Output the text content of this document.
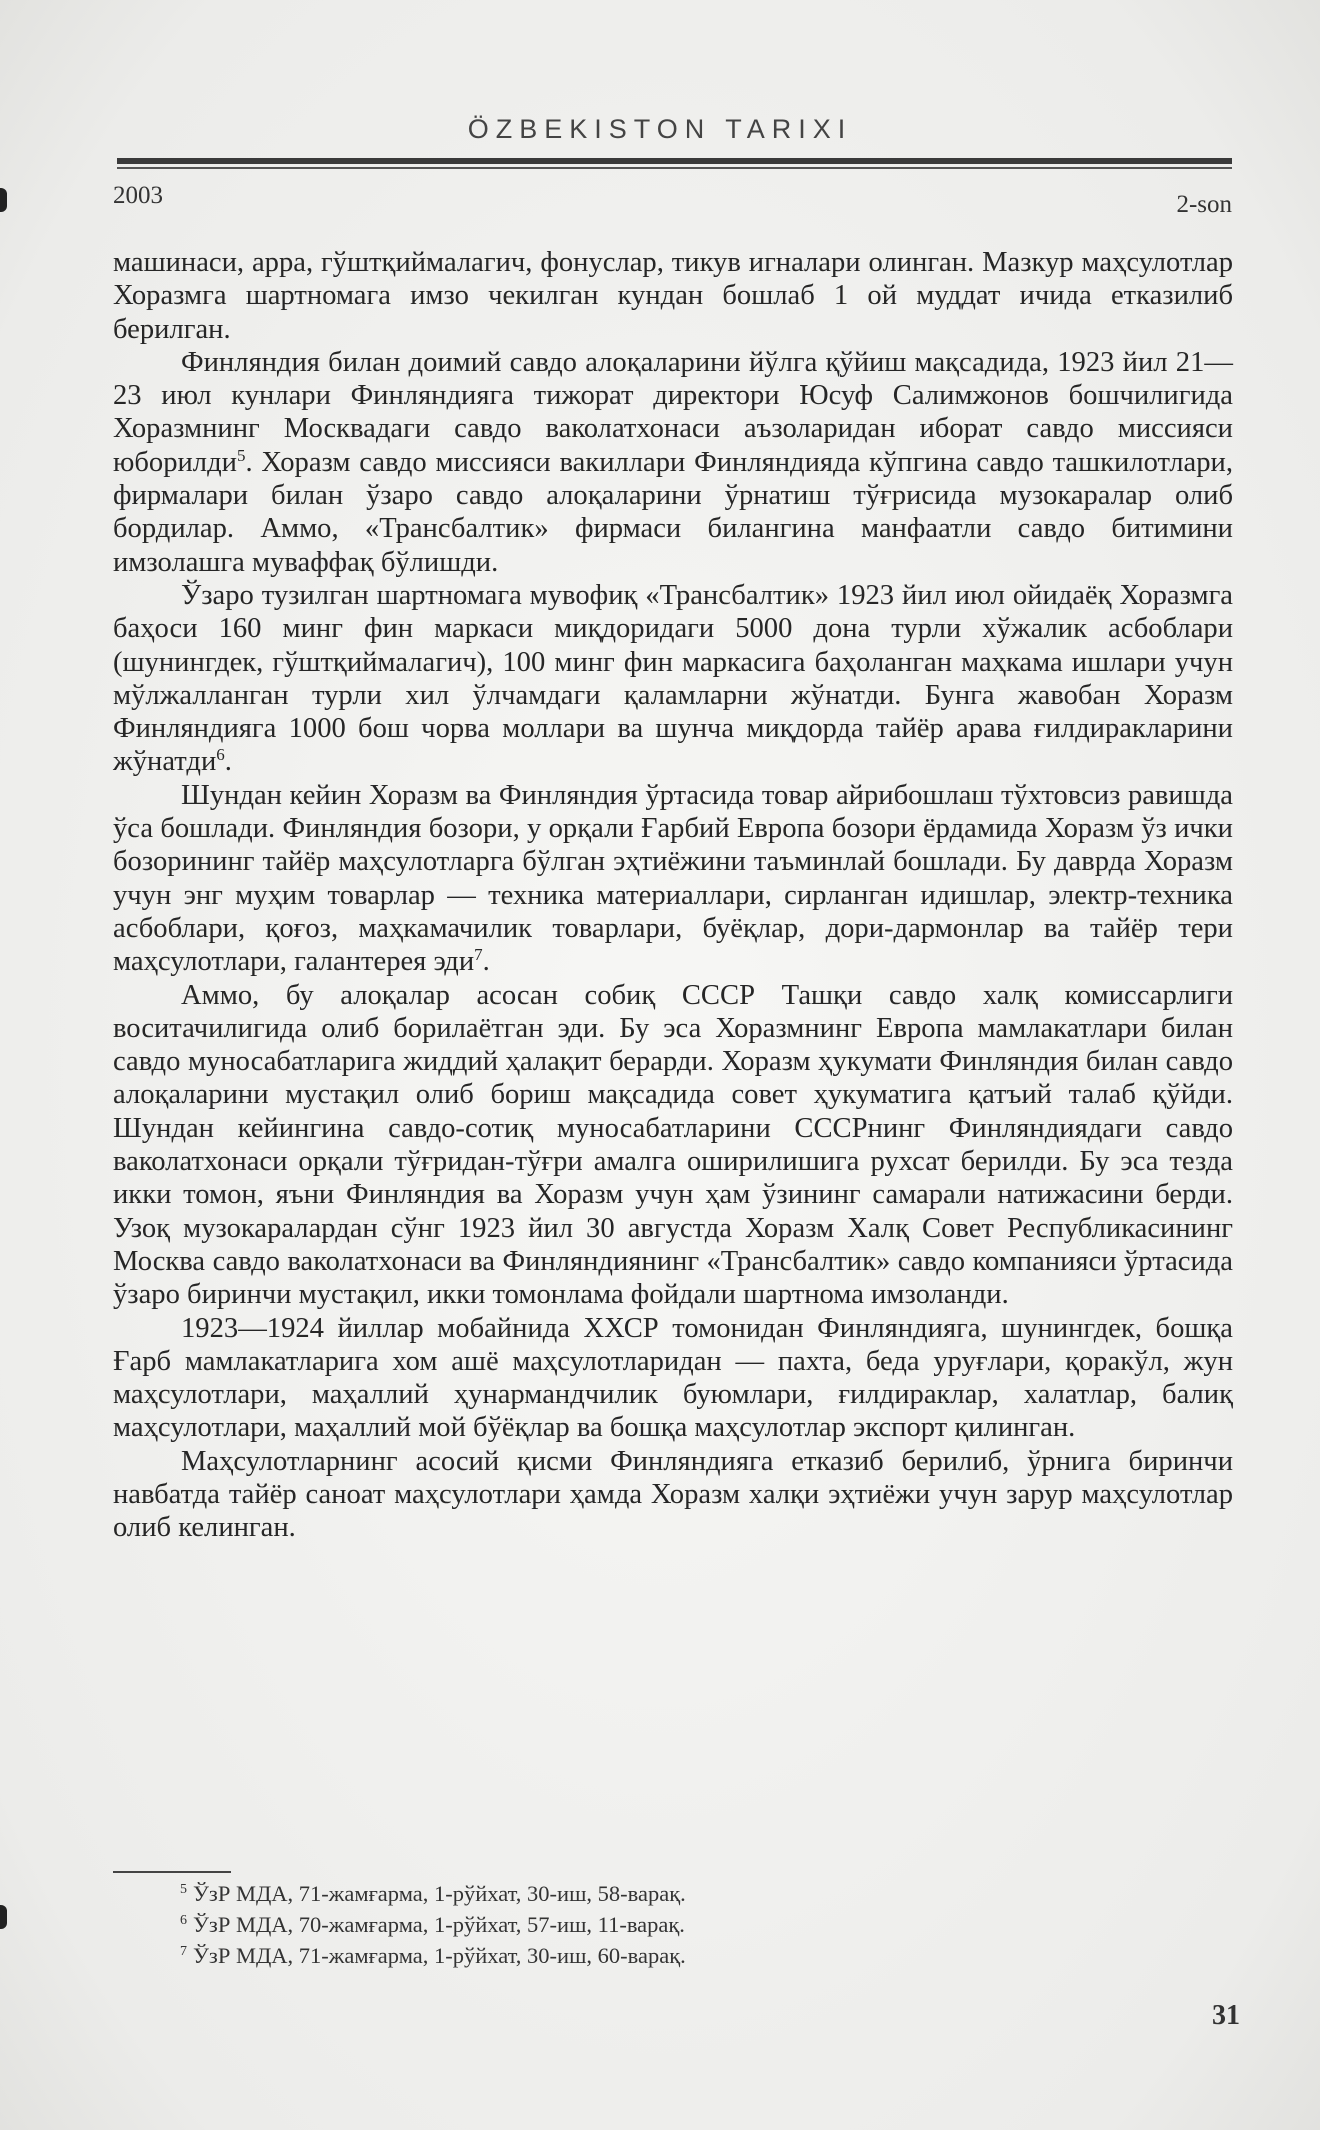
ÖZBEKISTON TARIXI
2003	2-son

машинаси, арра, гўштқиймалагич, фонуслар, тикув игналари олинган. Мазкур маҳсулотлар Хоразмга шартномага имзо чекилган кундан бошлаб 1 ой муддат ичида етказилиб берилган.

Финляндия билан доимий савдо алоқаларини йўлга қўйиш мақсадида, 1923 йил 21—23 июл кунлари Финляндияга тижорат директори Юсуф Салимжонов бошчилигида Хоразмнинг Москвадаги савдо ваколатхонаси аъзоларидан иборат савдо миссияси юборилди$^5$. Хоразм савдо миссияси вакиллари Финляндияда кўпгина савдо ташкилотлари, фирмалари билан ўзаро савдо алоқаларини ўрнатиш тўғрисида музокаралар олиб бордилар. Аммо, «Трансбалтик» фирмаси билангина манфаатли савдо битимини имзолашга муваффақ бўлишди.

Ўзаро тузилган шартномага мувофиқ «Трансбалтик» 1923 йил июл ойидаёқ Хоразмга баҳоси 160 минг фин маркаси миқдоридаги 5000 дона турли хўжалик асбоблари (шунингдек, гўштқиймалагич), 100 минг фин маркасига баҳоланган маҳкама ишлари учун мўлжалланган турли хил ўлчамдаги қаламларни жўнатди. Бунга жавобан Хоразм Финляндияга 1000 бош чорва моллари ва шунча миқдорда тайёр арава ғилдиракларини жўнатди$^6$.

Шундан кейин Хоразм ва Финляндия ўртасида товар айрибошлаш тўхтовсиз равишда ўса бошлади. Финляндия бозори, у орқали Ғарбий Европа бозори ёрдамида Хоразм ўз ички бозорининг тайёр маҳсулотларга бўлган эҳтиёжини таъминлай бошлади. Бу даврда Хоразм учун энг муҳим товарлар — техника материаллари, сирланган идишлар, электр-техника асбоблари, қоғоз, маҳкамачилик товарлари, буёқлар, дори-дармонлар ва тайёр тери маҳсулотлари, галантерея эди$^7$.

Аммо, бу алоқалар асосан собиқ СССР Ташқи савдо халқ комиссарлиги воситачилигида олиб борилаётган эди. Бу эса Хоразмнинг Европа мамлакатлари билан савдо муносабатларига жиддий ҳалақит берарди. Хоразм ҳукумати Финляндия билан савдо алоқаларини мустақил олиб бориш мақсадида совет ҳукуматига қатъий талаб қўйди. Шундан кейингина савдо-сотиқ муносабатларини СССРнинг Финляндиядаги савдо ваколатхонаси орқали тўғридан-тўғри амалга оширилишига рухсат берилди. Бу эса тезда икки томон, яъни Финляндия ва Хоразм учун ҳам ўзининг самарали натижасини берди. Узоқ музокаралардан сўнг 1923 йил 30 августда Хоразм Халқ Совет Республикасининг Москва савдо ваколатхонаси ва Финляндиянинг «Трансбалтик» савдо компанияси ўртасида ўзаро биринчи мустақил, икки томонлама фойдали шартнома имзоланди.

1923—1924 йиллар мобайнида ХХСР томонидан Финляндияга, шунингдек, бошқа Ғарб мамлакатларига хом ашё маҳсулотларидан — пахта, беда уруғлари, қоракўл, жун маҳсулотлари, маҳаллий ҳунармандчилик буюмлари, ғилдираклар, халатлар, балиқ маҳсулотлари, маҳаллий мой бўёқлар ва бошқа маҳсулотлар экспорт қилинган.

Маҳсулотларнинг асосий қисми Финляндияга етказиб берилиб, ўрнига биринчи навбатда тайёр саноат маҳсулотлари ҳамда Хоразм халқи эҳтиёжи учун зарур маҳсулотлар олиб келинган.

$^5$ ЎзР МДА, 71-жамғарма, 1-рўйхат, 30-иш, 58-варақ.
$^6$ ЎзР МДА, 70-жамғарма, 1-рўйхат, 57-иш, 11-варақ.
$^7$ ЎзР МДА, 71-жамғарма, 1-рўйхат, 30-иш, 60-варақ.
31
